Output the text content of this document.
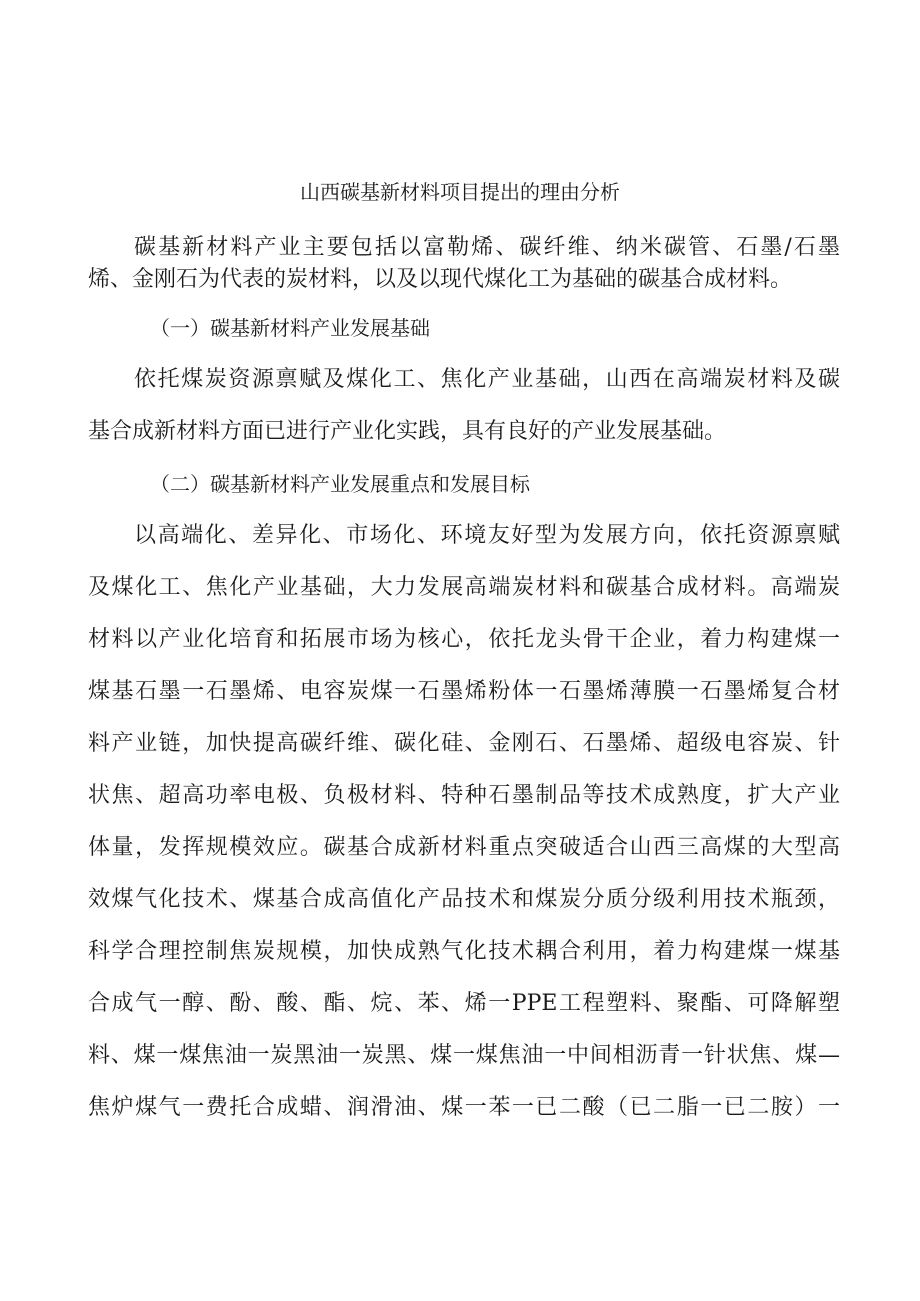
山西碳基新材料项目提出的理由分析
碳基新材料产业主要包括以富勒烯、碳纤维、纳米碳管、石墨/石墨
烯、金刚石为代表的炭材料，以及以现代煤化工为基础的碳基合成材料。
（一）碳基新材料产业发展基础
依托煤炭资源禀赋及煤化工、焦化产业基础，山西在高端炭材料及碳
基合成新材料方面已进行产业化实践，具有良好的产业发展基础。
（二）碳基新材料产业发展重点和发展目标
以高端化、差异化、市场化、环境友好型为发展方向，依托资源禀赋
及煤化工、焦化产业基础，大力发展高端炭材料和碳基合成材料。高端炭
材料以产业化培育和拓展市场为核心，依托龙头骨干企业，着力构建煤一
煤基石墨一石墨烯、电容炭煤一石墨烯粉体一石墨烯薄膜一石墨烯复合材
料产业链，加快提高碳纤维、碳化硅、金刚石、石墨烯、超级电容炭、针
状焦、超高功率电极、负极材料、特种石墨制品等技术成熟度，扩大产业
体量，发挥规模效应。碳基合成新材料重点突破适合山西三高煤的大型高
效煤气化技术、煤基合成高值化产品技术和煤炭分质分级利用技术瓶颈，
科学合理控制焦炭规模，加快成熟气化技术耦合利用，着力构建煤一煤基
合成气一醇、酚、酸、酯、烷、苯、烯一PPE工程塑料、聚酯、可降解塑
料、煤一煤焦油一炭黑油一炭黑、煤一煤焦油一中间相沥青一针状焦、煤—
焦炉煤气一费托合成蜡、润滑油、煤一苯一已二酸（已二脂一已二胺）一
